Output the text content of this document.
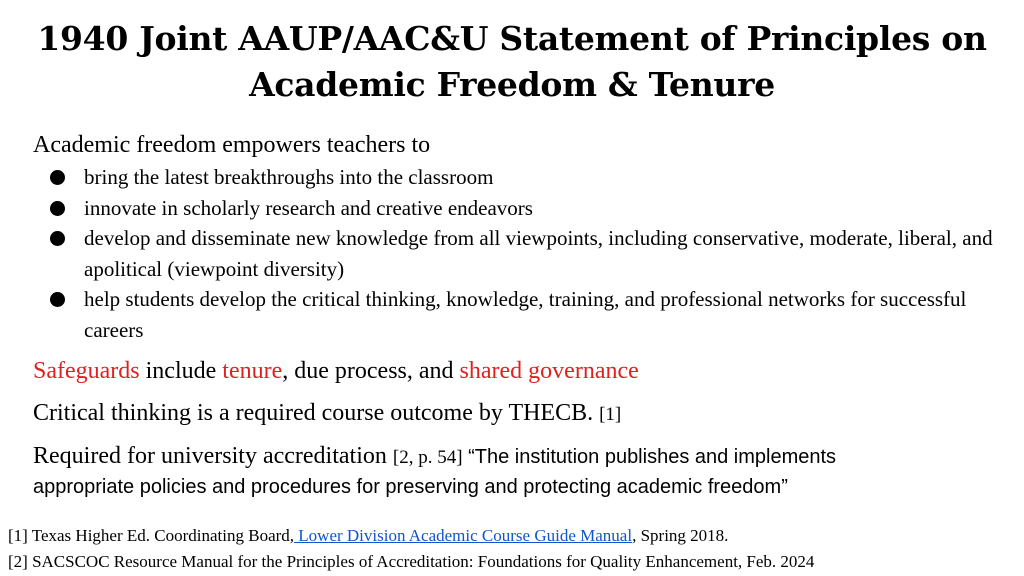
1940 Joint AAUP/AAC&U Statement of Principles on
Academic Freedom & Tenure
Academic freedom empowers teachers to
bring the latest breakthroughs into the classroom
innovate in scholarly research and creative endeavors
develop and disseminate new knowledge from all viewpoints, including conservative, moderate, liberal, and apolitical (viewpoint diversity)
help students develop the critical thinking, knowledge, training, and professional networks for successful careers
Safeguards include tenure, due process, and shared governance
Critical thinking is a required course outcome by THECB. [1]
Required for university accreditation [2, p. 54] “The institution publishes and implements
appropriate policies and procedures for preserving and protecting academic freedom”
[1] Texas Higher Ed. Coordinating Board, Lower Division Academic Course Guide Manual, Spring 2018.
[2] SACSCOC Resource Manual for the Principles of Accreditation: Foundations for Quality Enhancement, Feb. 2024
